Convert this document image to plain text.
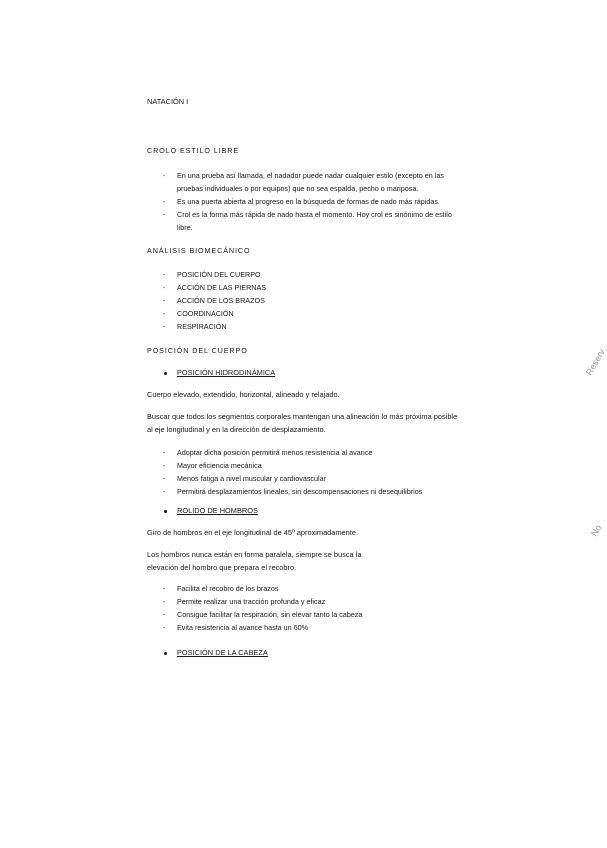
NATACIÓN I
CROLO ESTILO LIBRE
- En una prueba así llamada, el nadador puede nadar cualquier estilo (excepto en las
pruebas individuales o por equipos) que no sea espalda, pecho o mariposa.
- Es una puerta abierta al progreso en la búsqueda de formas de nado más rápidas.
- Crol es la forma más rápida de nado hasta el momento. Hoy crol es sinónimo de estilo
libre.
ANÁLISIS BIOMECÁNICO
- POSICIÓN DEL CUERPO
- ACCIÓN DE LAS PIERNAS
- ACCIÓN DE LOS BRAZOS
- COORDINACIÓN
- RESPIRACIÓN
POSICIÓN DEL CUERPO
POSICIÓN HIDRODINÁMICA
Cuerpo elevado, extendido, horizontal, alineado y relajado.
Buscar que todos los segmentos corporales mantengan una alineación lo más próxima posible
al eje longitudinal y en la dirección de desplazamiento.
- Adoptar dicha posición permitirá menos resistencia al avance
- Mayor eficiencia mecánica
- Menos fatiga a nivel muscular y cardiovascular
- Permitirá desplazamientos lineales, sin descompensaciones ni desequilibrios
ROLIDO DE HOMBROS
Giro de hombros en el eje longitudinal de 45º aproximadamente.
Los hombros nunca están en forma paralela, siempre se busca la
elevación del hombro que prepara el recobro.
- Facilita el recobro de los brazos
- Permite realizar una tracción profunda y eficaz
- Consigue facilitar la respiración, sin elevar tanto la cabeza
- Evita resistencia al avance hasta un 60%
POSICIÓN DE LA CABEZA
Reserv
No
